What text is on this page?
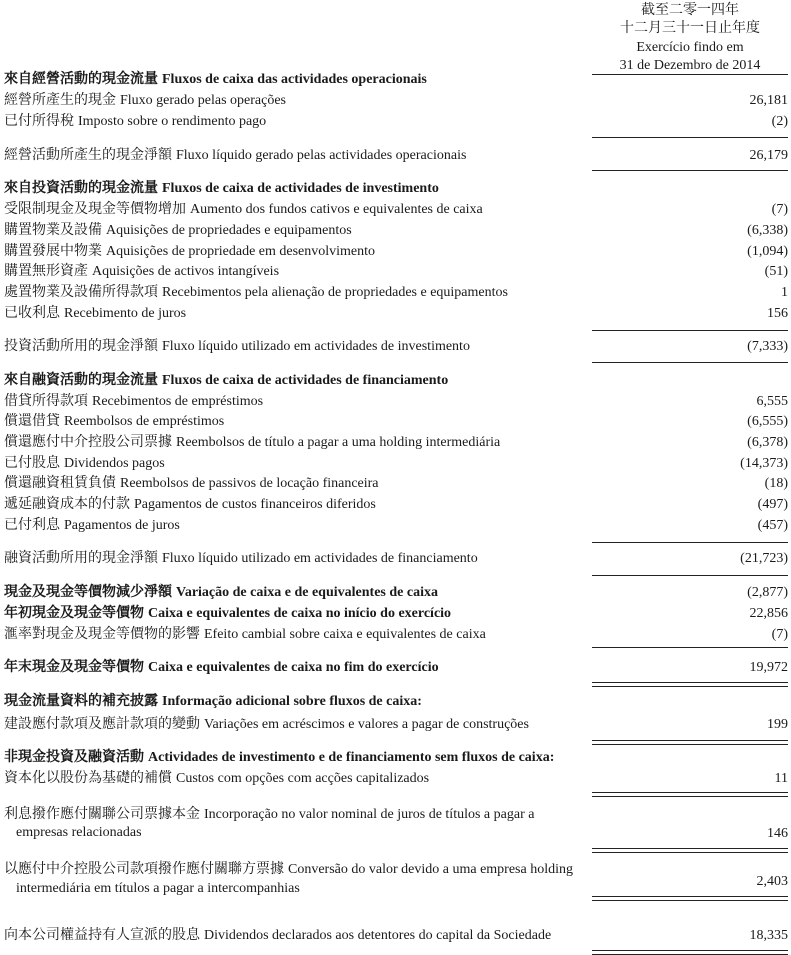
截至二零一四年
十二月三十一日止年度
Exercício findo em
31 de Dezembro de 2014
來自經營活動的現金流量 Fluxos de caixa das actividades operacionais
經營所產生的現金 Fluxo gerado pelas operações	26,181
已付所得稅 Imposto sobre o rendimento pago	(2)
經營活動所產生的現金淨額 Fluxo líquido gerado pelas actividades operacionais	26,179
來自投資活動的現金流量 Fluxos de caixa de actividades de investimento
受限制現金及現金等價物增加 Aumento dos fundos cativos e equivalentes de caixa	(7)
購置物業及設備 Aquisições de propriedades e equipamentos	(6,338)
購置發展中物業 Aquisições de propriedade em desenvolvimento	(1,094)
購置無形資產 Aquisições de activos intangíveis	(51)
處置物業及設備所得款項 Recebimentos pela alienação de propriedades e equipamentos	1
已收利息 Recebimento de juros	156
投資活動所用的現金淨額 Fluxo líquido utilizado em actividades de investimento	(7,333)
來自融資活動的現金流量 Fluxos de caixa de actividades de financiamento
借貸所得款項 Recebimentos de empréstimos	6,555
償還借貸 Reembolsos de empréstimos	(6,555)
償還應付中介控股公司票據 Reembolsos de título a pagar a uma holding intermediária	(6,378)
已付股息 Dividendos pagos	(14,373)
償還融資租賃負債 Reembolsos de passivos de locação financeira	(18)
遞延融資成本的付款 Pagamentos de custos financeiros diferidos	(497)
已付利息 Pagamentos de juros	(457)
融資活動所用的現金淨額 Fluxo líquido utilizado em actividades de financiamento	(21,723)
現金及現金等價物減少淨額 Variação de caixa e de equivalentes de caixa	(2,877)
年初現金及現金等價物 Caixa e equivalentes de caixa no início do exercício	22,856
滙率對現金及現金等價物的影響 Efeito cambial sobre caixa e equivalentes de caixa	(7)
年末現金及現金等價物 Caixa e equivalentes de caixa no fim do exercício	19,972
現金流量資料的補充披露 Informação adicional sobre fluxos de caixa:
建設應付款項及應計款項的變動 Variações em acréscimos e valores a pagar de construções	199
非現金投資及融資活動 Actividades de investimento e de financiamento sem fluxos de caixa:
資本化以股份為基礎的補償 Custos com opções com acções capitalizados	11
利息撥作應付關聯公司票據本金 Incorporação no valor nominal de juros de títulos a pagar a
empresas relacionadas	146
以應付中介控股公司款項撥作應付關聯方票據 Conversão do valor devido a uma empresa holding
intermediária em títulos a pagar a intercompanhias	2,403
向本公司權益持有人宣派的股息 Dividendos declarados aos detentores do capital da Sociedade	18,335
